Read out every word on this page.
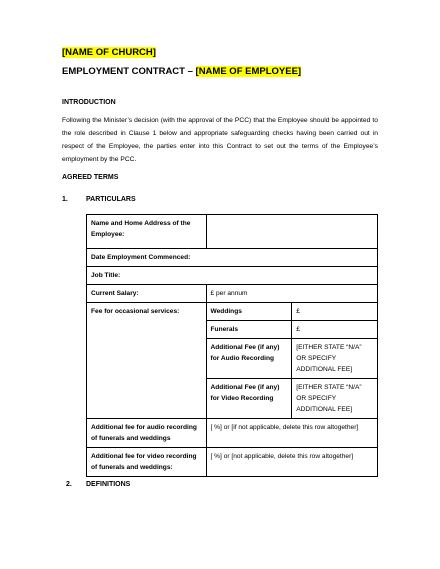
[NAME OF CHURCH]
EMPLOYMENT CONTRACT – [NAME OF EMPLOYEE]
INTRODUCTION
Following the Minister’s decision (with the approval of the PCC) that the Employee should be appointed to the role described in Clause 1 below and appropriate safeguarding checks having been carried out in respect of the Employee, the parties enter into this Contract to set out the terms of the Employee’s employment by the PCC.
AGREED TERMS
1.	PARTICULARS
Name and Home Address of the Employee:		
Date Employment Commenced:		
Job Title:		
Current Salary:	£ per annum	
Fee for occasional services:	Weddings	£
	Funerals	£
	Additional Fee (if any) for Audio Recording	[EITHER STATE “N/A” OR SPECIFY ADDITIONAL FEE]
	Additional Fee (if any) for Video Recording	[EITHER STATE “N/A” OR SPECIFY ADDITIONAL FEE]
Additional fee for audio recording of funerals and weddings	[ %] or [if not applicable, delete this row altogether]	
Additional fee for video recording of funerals and weddings:	[ %] or [not applicable, delete this row altogether]	
2. DEFINITIONS
